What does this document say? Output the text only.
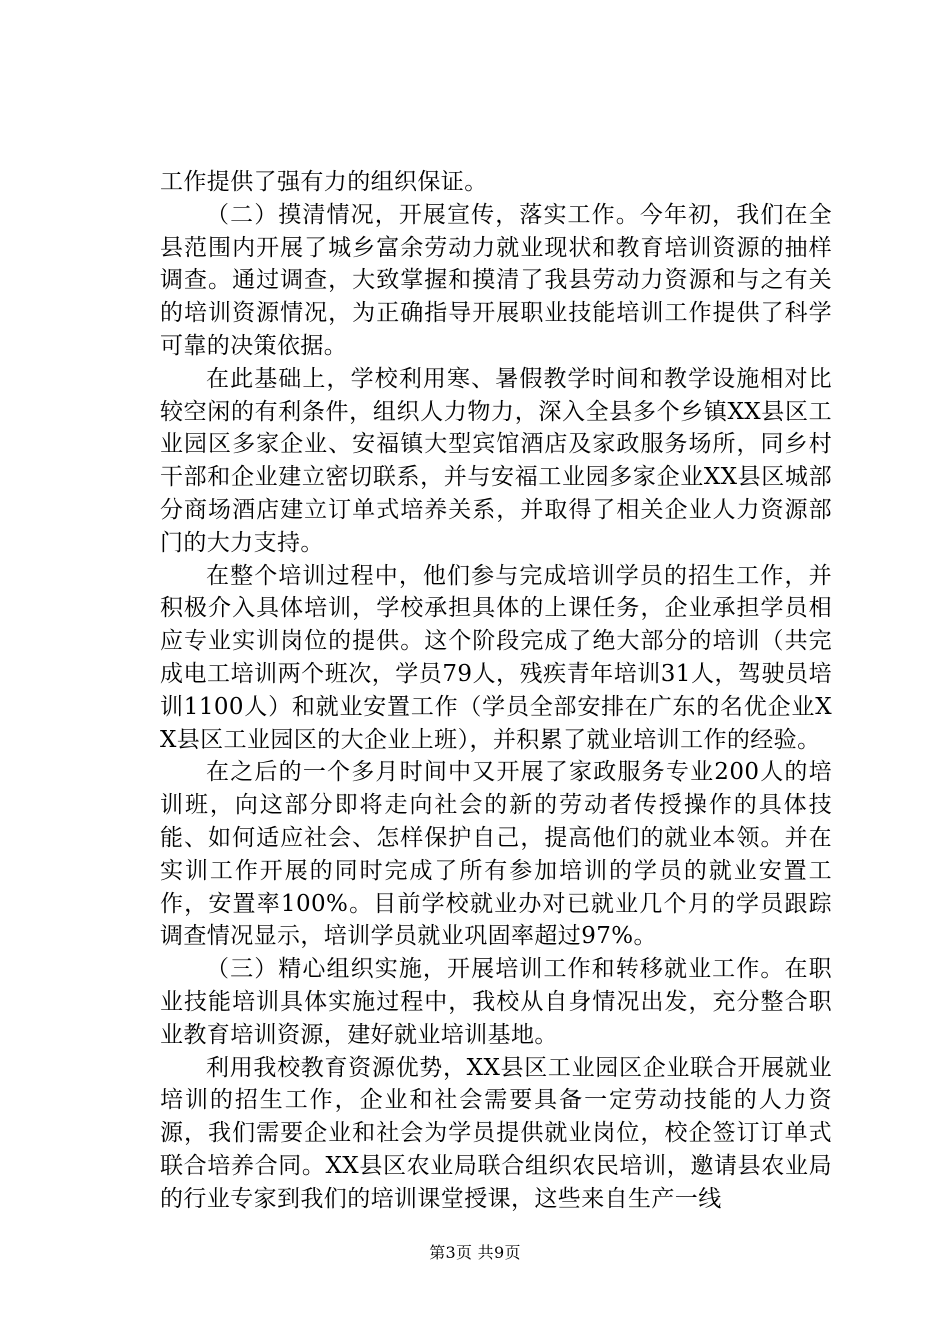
工作提供了强有力的组织保证。

（二）摸清情况，开展宣传，落实工作。今年初，我们在全县范围内开展了城乡富余劳动力就业现状和教育培训资源的抽样调查。通过调查，大致掌握和摸清了我县劳动力资源和与之有关的培训资源情况，为正确指导开展职业技能培训工作提供了科学可靠的决策依据。

在此基础上，学校利用寒、暑假教学时间和教学设施相对比较空闲的有利条件，组织人力物力，深入全县多个乡镇XX县区工业园区多家企业、安福镇大型宾馆酒店及家政服务场所，同乡村干部和企业建立密切联系，并与安福工业园多家企业XX县区城部分商场酒店建立订单式培养关系，并取得了相关企业人力资源部门的大力支持。

在整个培训过程中，他们参与完成培训学员的招生工作，并积极介入具体培训，学校承担具体的上课任务，企业承担学员相应专业实训岗位的提供。这个阶段完成了绝大部分的培训（共完成电工培训两个班次，学员79人，残疾青年培训31人，驾驶员培训1100人）和就业安置工作（学员全部安排在广东的名优企业XX县区工业园区的大企业上班），并积累了就业培训工作的经验。

在之后的一个多月时间中又开展了家政服务专业200人的培训班，向这部分即将走向社会的新的劳动者传授操作的具体技能、如何适应社会、怎样保护自己，提高他们的就业本领。并在实训工作开展的同时完成了所有参加培训的学员的就业安置工作，安置率100%。目前学校就业办对已就业几个月的学员跟踪调查情况显示，培训学员就业巩固率超过97%。

（三）精心组织实施，开展培训工作和转移就业工作。在职业技能培训具体实施过程中，我校从自身情况出发，充分整合职业教育培训资源，建好就业培训基地。

利用我校教育资源优势，XX县区工业园区企业联合开展就业培训的招生工作，企业和社会需要具备一定劳动技能的人力资源，我们需要企业和社会为学员提供就业岗位，校企签订订单式联合培养合同。XX县区农业局联合组织农民培训，邀请县农业局的行业专家到我们的培训课堂授课，这些来自生产一线

第3页 共9页
